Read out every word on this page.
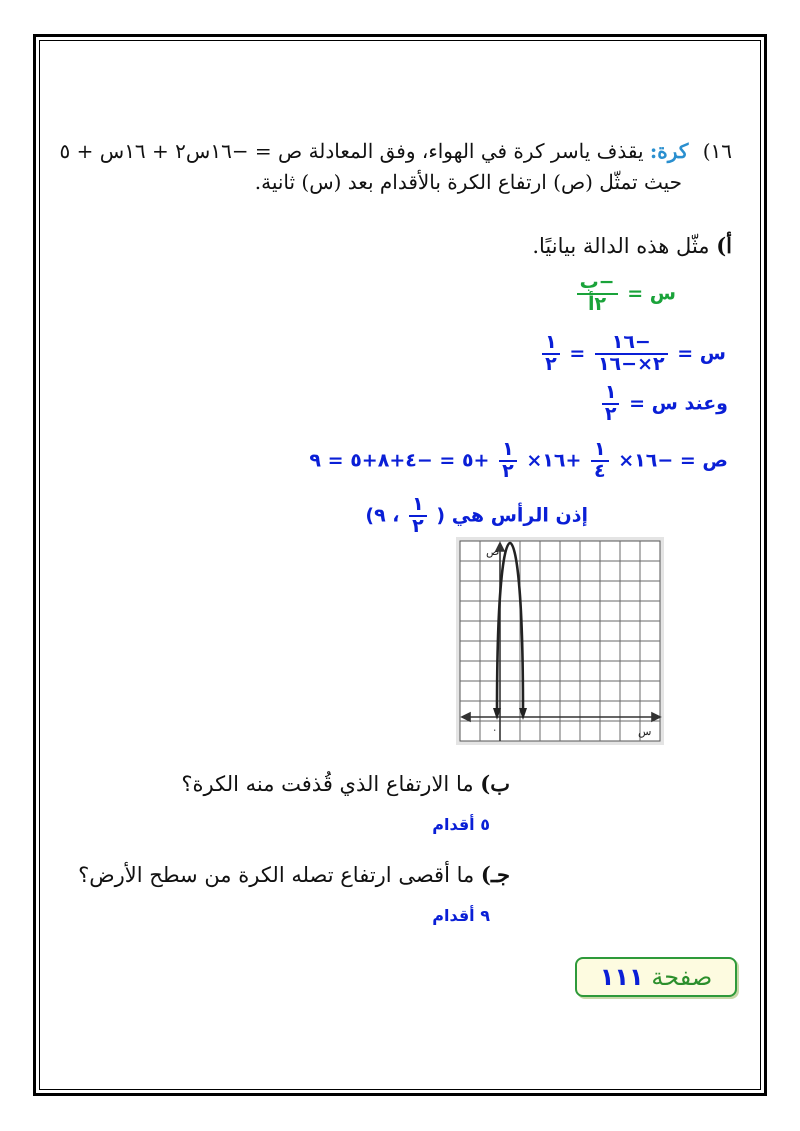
١٦) كرة: يقذف ياسر كرة في الهواء، وفق المعادلة ص = −١٦س٢ + ١٦س + ٥
حيث تمثّل (ص) ارتفاع الكرة بالأقدام بعد (س) ثانية.
أ) مثّل هذه الدالة بيانيًا.
س =
$\frac{\text{−ب}}{\text{٢أ}}$
س =
$\frac{-١٦}{٢\times-١٦}$
=
$\frac{١}{٢}$
وعند س =
$\frac{١}{٢}$
ص = −١٦×
$\frac{١}{٤}$
+١٦×
$\frac{١}{٢}$
+٥ = −٤+٨+٥ = ٩
إذن الرأس هي (
$\frac{١}{٢}$
، ٩)
ص
س
٠
ب) ما الارتفاع الذي قُذفت منه الكرة؟
٥ أقدام
جـ) ما أقصى ارتفاع تصله الكرة من سطح الأرض؟
٩ أقدام
صفحة ١١١
